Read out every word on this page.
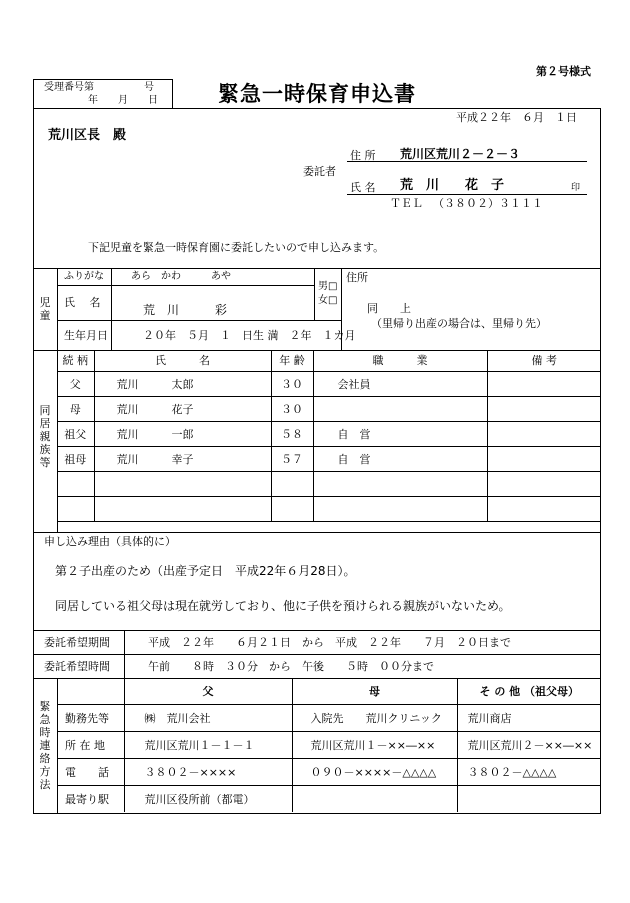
第２号様式
受理番号第　　　　　号
年　　月　　日	緊急一時保育申込書
平成２２年　６月　１日
荒川区長　殿
委託者
住 所 荒川区荒川２－２－３
氏 名 荒　川　　花　子	印
ＴＥＬ （３８０２）３１１１
下記児童を緊急一時保育園に委託したいので申し込みます。
児
童
ふりがな	あら　かわ　　　あや
氏　 名
荒　川　　　彩
男□
女□
生年月日	２０年　５月　１　日生 満　２年　１カ月
住所
同　　上
（里帰り出産の場合は、里帰り先）
同
居
親
族
等
続 柄	氏　　　名	年 齢	職　　　業	備 考
父	荒川　　　太郎	３０	会社員	
母	荒川　　　花子	３０		
祖父	荒川　　　一郎	５８	自　営	
祖母	荒川　　　幸子	５７	自　営	

申し込み理由（具体的に）
第２子出産のため（出産予定日　平成22年６月28日）。
同居している祖父母は現在就労しており、他に子供を預けられる親族がいないため。
委託希望期間	平成　２２年　　６月２１日　から　平成　２２年　　７月　２０日まで
委託希望時間	午前　　８時　３０分　から　午後　　５時　００分まで
緊
急
時
連
絡
方
法
	父	母	そ の 他 （祖父母）
勤務先等	㈱　荒川会社	入院先　　荒川クリニック	荒川商店
所 在 地	荒川区荒川１－１－１	荒川区荒川１－××―××	荒川区荒川２－××―××
電　　話	３８０２－××××	０９０－××××－△△△△	３８０２－△△△△
最寄り駅	荒川区役所前（都電）		
